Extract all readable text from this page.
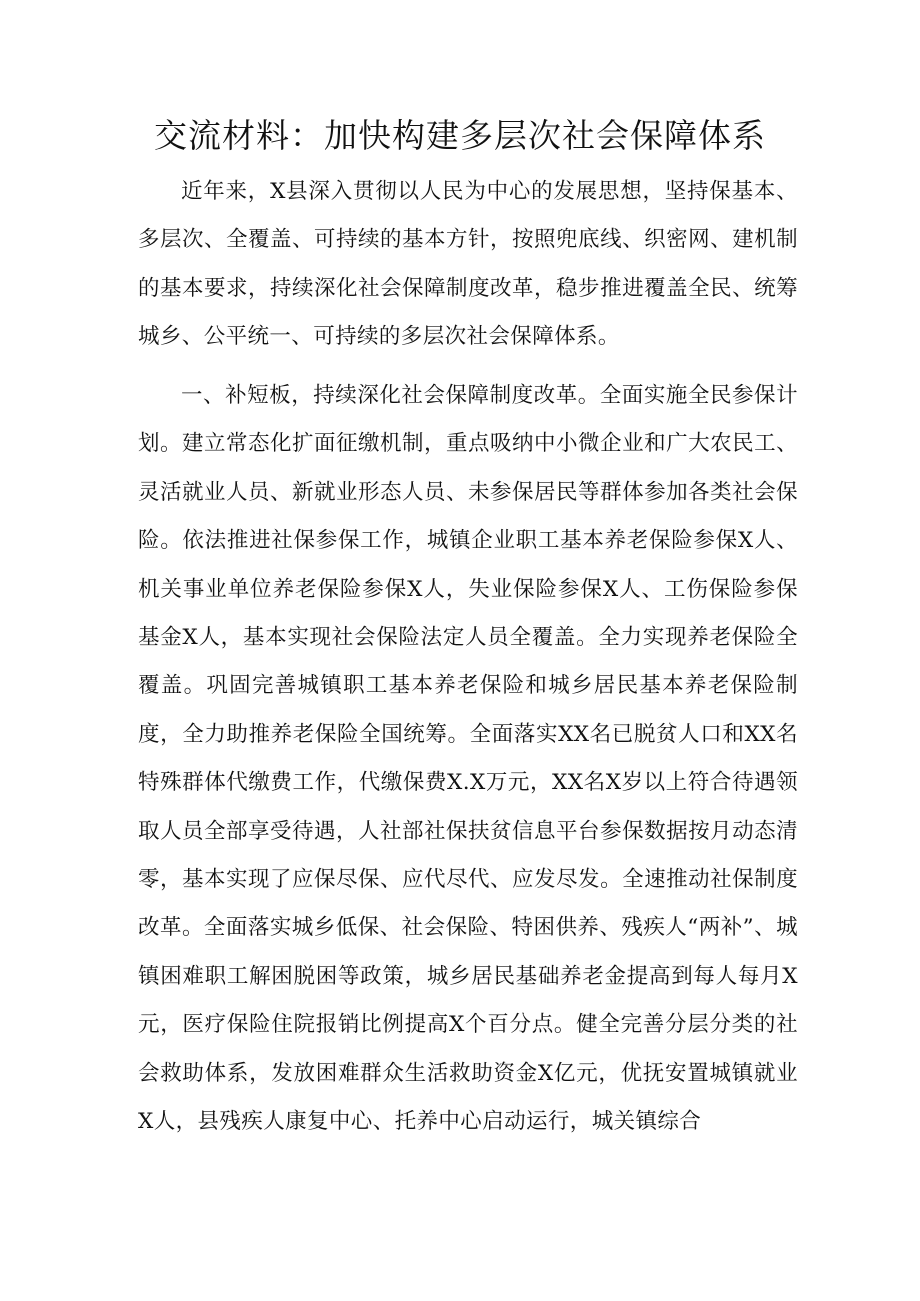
交流材料：加快构建多层次社会保障体系

近年来，X县深入贯彻以人民为中心的发展思想，坚持保基本、多层次、全覆盖、可持续的基本方针，按照兜底线、织密网、建机制的基本要求，持续深化社会保障制度改革，稳步推进覆盖全民、统筹城乡、公平统一、可持续的多层次社会保障体系。

一、补短板，持续深化社会保障制度改革。全面实施全民参保计划。建立常态化扩面征缴机制，重点吸纳中小微企业和广大农民工、灵活就业人员、新就业形态人员、未参保居民等群体参加各类社会保险。依法推进社保参保工作，城镇企业职工基本养老保险参保X人、机关事业单位养老保险参保X人，失业保险参保X人、工伤保险参保基金X人，基本实现社会保险法定人员全覆盖。全力实现养老保险全覆盖。巩固完善城镇职工基本养老保险和城乡居民基本养老保险制度，全力助推养老保险全国统筹。全面落实XX名已脱贫人口和XX名特殊群体代缴费工作，代缴保费X.X万元，XX名X岁以上符合待遇领取人员全部享受待遇，人社部社保扶贫信息平台参保数据按月动态清零，基本实现了应保尽保、应代尽代、应发尽发。全速推动社保制度改革。全面落实城乡低保、社会保险、特困供养、残疾人“两补”、城镇困难职工解困脱困等政策，城乡居民基础养老金提高到每人每月X元，医疗保险住院报销比例提高X个百分点。健全完善分层分类的社会救助体系，发放困难群众生活救助资金X亿元，优抚安置城镇就业X人，县残疾人康复中心、托养中心启动运行，城关镇综合
